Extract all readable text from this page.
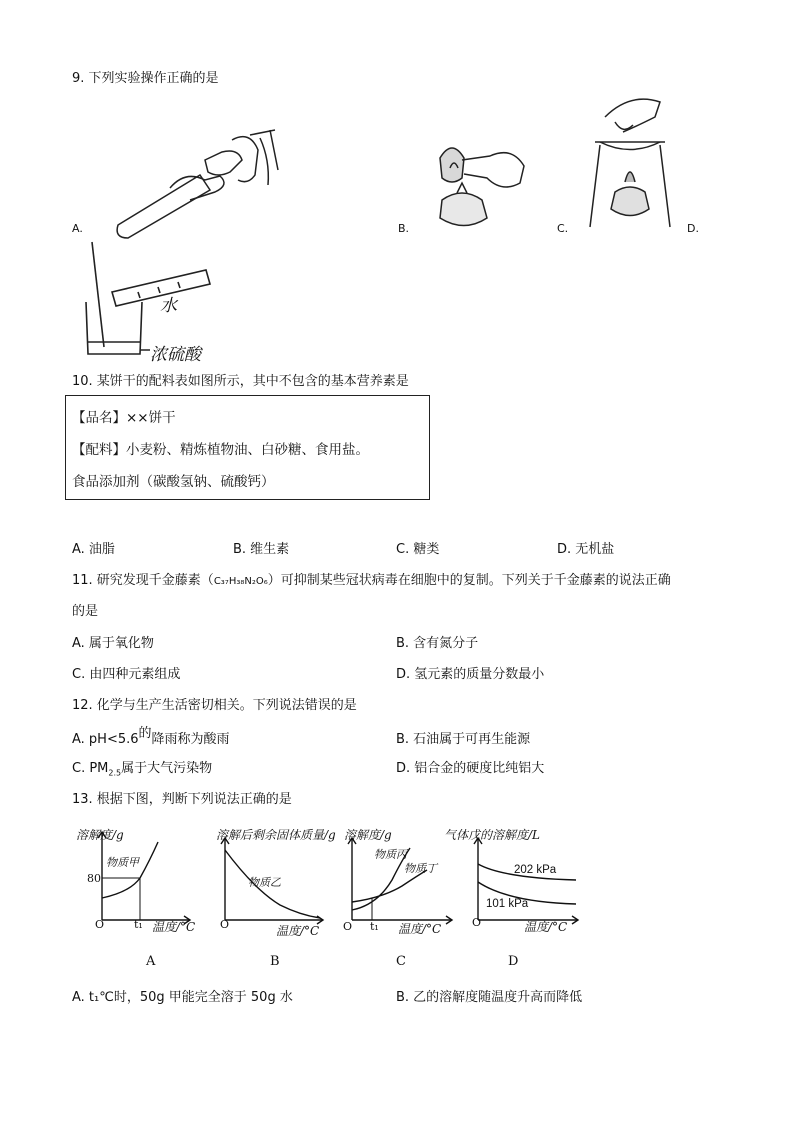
9. 下列实验操作正确的是
A.	B.	C.	D.
水
浓硫酸
10. 某饼干的配料表如图所示，其中不包含的基本营养素是
【品名】××饼干
【配料】小麦粉、精炼植物油、白砂糖、食用盐。
食品添加剂（碳酸氢钠、硫酸钙）
A. 油脂	B. 维生素	C. 糖类	D. 无机盐
11. 研究发现千金藤素（C₃₇H₃₈N₂O₆）可抑制某些冠状病毒在细胞中的复制。下列关于千金藤素的说法正确
的是
A. 属于氧化物	B. 含有氮分子
C. 由四种元素组成	D. 氢元素的质量分数最小
12. 化学与生产生活密切相关。下列说法错误的是
A. pH<5.6的降雨称为酸雨	B. 石油属于可再生能源
C. $PM_{2.5}$属于大气污染物	D. 铝合金的硬度比纯铝大
13. 根据下图，判断下列说法正确的是
溶解度/g
物质甲
80
O	t₁ 温度/°C
A
溶解后剩余固体质量/g
物质乙
O	温度/°C
B
溶解度/g
物质丙
物质丁
O t₁ 温度/°C
C
气体戊的溶解度/L
202 kPa
101 kPa
O	温度/°C
D
A. t₁℃时，50g 甲能完全溶于 50g 水	B. 乙的溶解度随温度升高而降低
